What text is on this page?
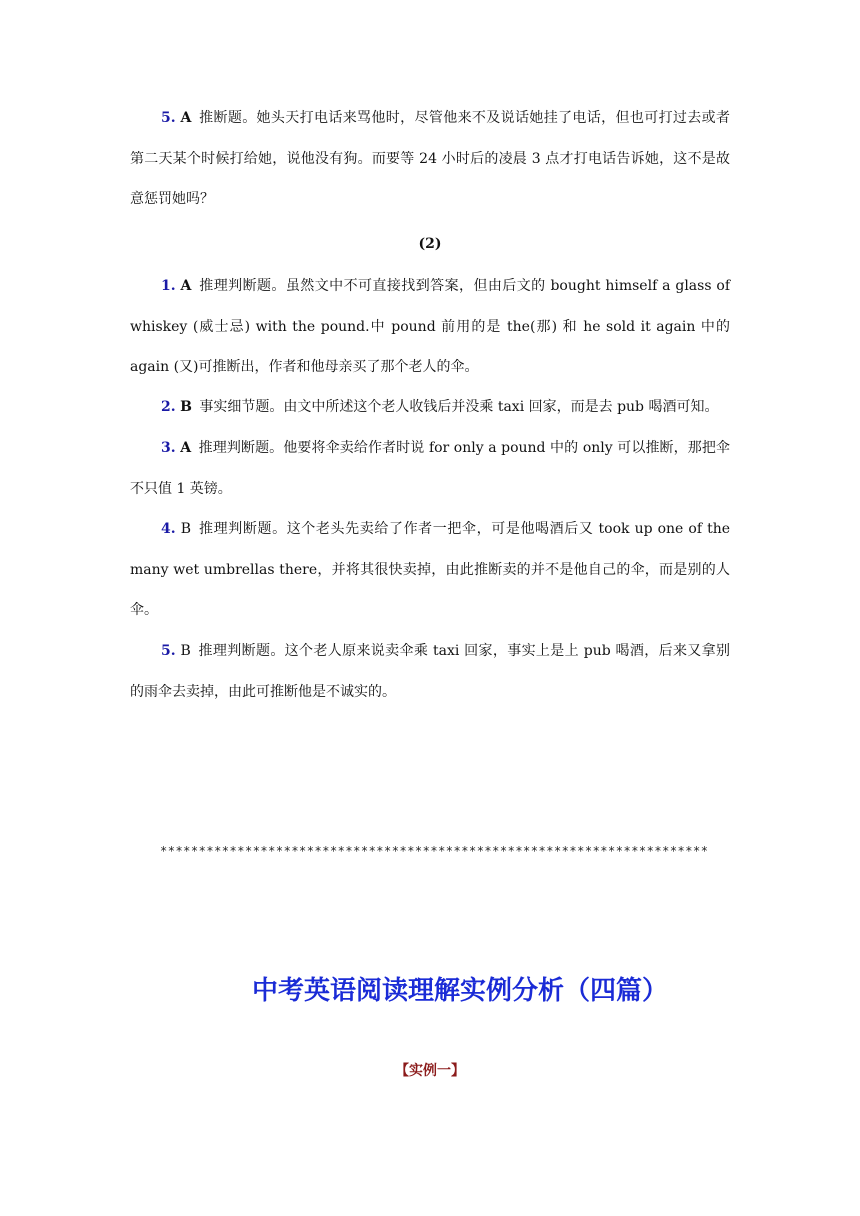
5. A 推断题。她头天打电话来骂他时，尽管他来不及说话她挂了电话，但也可打过去或者第二天某个时候打给她，说他没有狗。而要等 24 小时后的凌晨 3 点才打电话告诉她，这不是故意惩罚她吗？

(2)

1. A 推理判断题。虽然文中不可直接找到答案，但由后文的 bought himself a glass of whiskey (威士忌) with the pound.中 pound 前用的是 the(那) 和 he sold it again 中的 again (又)可推断出，作者和他母亲买了那个老人的伞。

2. B 事实细节题。由文中所述这个老人收钱后并没乘 taxi 回家，而是去 pub 喝酒可知。

3. A 推理判断题。他要将伞卖给作者时说 for only a pound 中的 only 可以推断，那把伞不只值 1 英镑。

4. B 推理判断题。这个老头先卖给了作者一把伞，可是他喝酒后又 took up one of the many wet umbrellas there，并将其很快卖掉，由此推断卖的并不是他自己的伞，而是别的人伞。

5. B 推理判断题。这个老人原来说卖伞乘 taxi 回家，事实上是上 pub 喝酒，后来又拿别的雨伞去卖掉，由此可推断他是不诚实的。

***********************************************************************
中考英语阅读理解实例分析（四篇）

【实例一】
